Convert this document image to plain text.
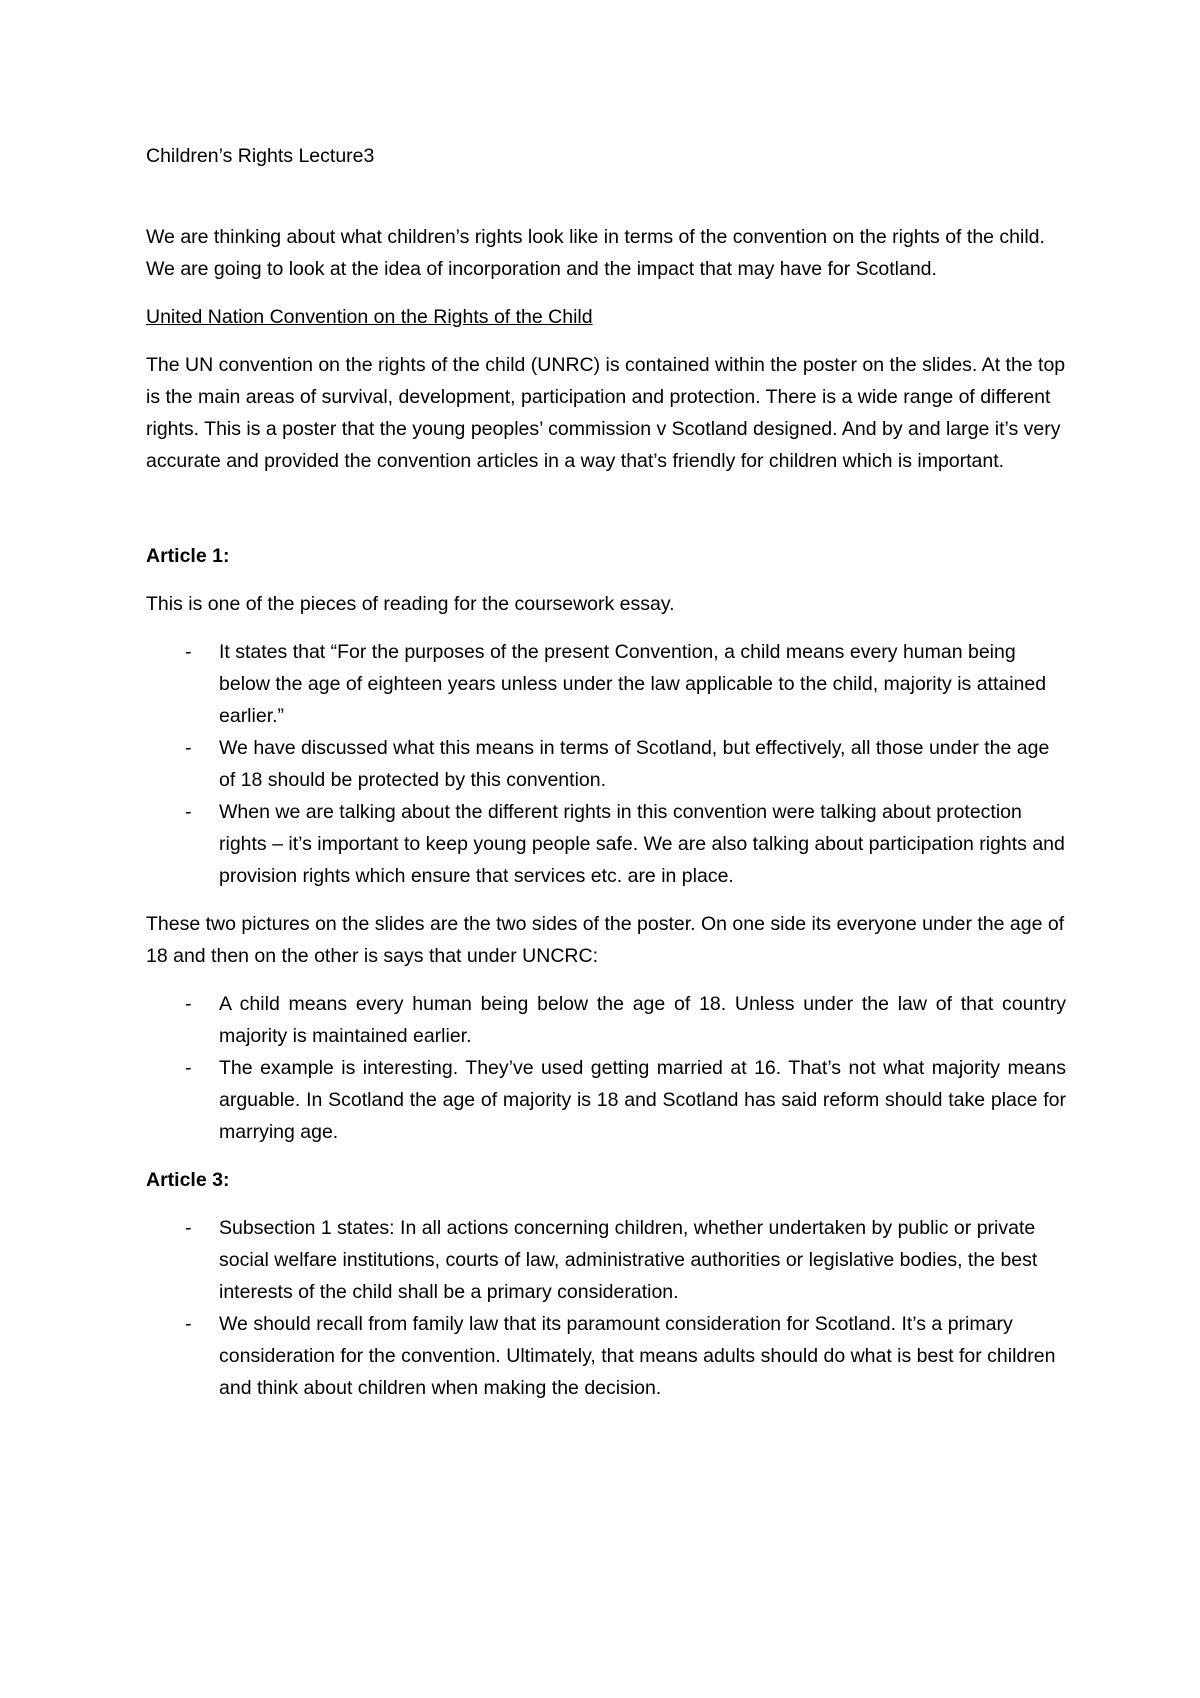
Children’s Rights Lecture3

We are thinking about what children’s rights look like in terms of the convention on the rights of the child. We are going to look at the idea of incorporation and the impact that may have for Scotland.

United Nation Convention on the Rights of the Child

The UN convention on the rights of the child (UNRC) is contained within the poster on the slides. At the top is the main areas of survival, development, participation and protection. There is a wide range of different rights. This is a poster that the young peoples’ commission v Scotland designed. And by and large it’s very accurate and provided the convention articles in a way that’s friendly for children which is important.

Article 1:

This is one of the pieces of reading for the coursework essay.

- It states that “For the purposes of the present Convention, a child means every human being below the age of eighteen years unless under the law applicable to the child, majority is attained earlier.”
- We have discussed what this means in terms of Scotland, but effectively, all those under the age of 18 should be protected by this convention.
- When we are talking about the different rights in this convention were talking about protection rights – it’s important to keep young people safe. We are also talking about participation rights and provision rights which ensure that services etc. are in place.

These two pictures on the slides are the two sides of the poster. On one side its everyone under the age of 18 and then on the other is says that under UNCRC:

- A child means every human being below the age of 18. Unless under the law of that country majority is maintained earlier.
- The example is interesting. They’ve used getting married at 16. That’s not what majority means arguable. In Scotland the age of majority is 18 and Scotland has said reform should take place for marrying age.

Article 3:

- Subsection 1 states: In all actions concerning children, whether undertaken by public or private social welfare institutions, courts of law, administrative authorities or legislative bodies, the best interests of the child shall be a primary consideration.
- We should recall from family law that its paramount consideration for Scotland. It’s a primary consideration for the convention. Ultimately, that means adults should do what is best for children and think about children when making the decision.
